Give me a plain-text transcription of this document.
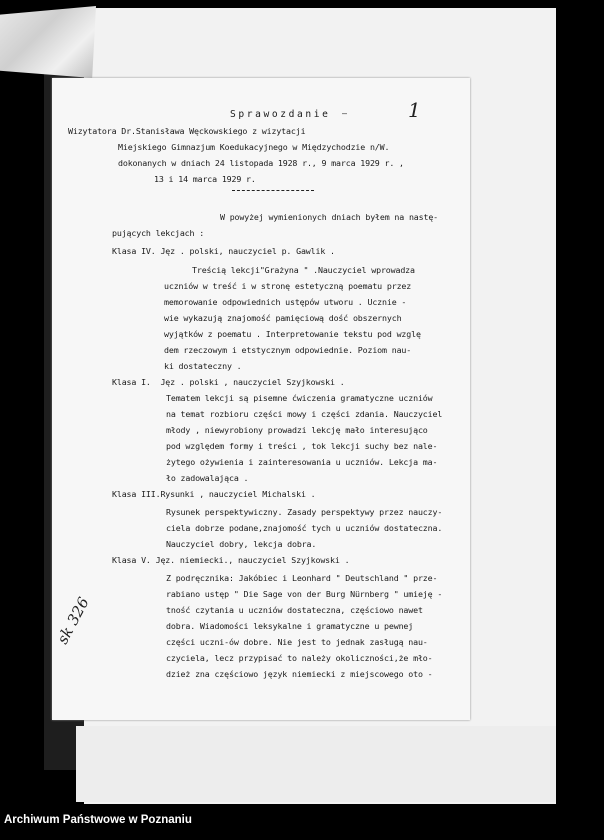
Sprawozdanie —	1
Wizytatora Dr.Stanisława Węckowskiego z wizytacji
Miejskiego Gimnazjum Koedukacyjnego w Międzychodzie n/W.
dokonanych w dniach 24 listopada 1928 r., 9 marca 1929 r. ,
13 i 14 marca 1929 r.
W powyżej wymienionych dniach byłem na nastę-
pujących lekcjach :
Klasa IV. Jęz . polski, nauczyciel p. Gawlik .
Treścią lekcji"Grażyna " .Nauczyciel wprowadza
uczniów w treść i w stronę estetyczną poematu przez
memorowanie odpowiednich ustępów utworu . Ucznie -
wie wykazują znajomość pamięciową dość obszernych
wyjątków z poematu . Interpretowanie tekstu pod wzglę
dem rzeczowym i etstycznym odpowiednie. Poziom nau-
ki dostateczny .
Klasa I.  Jęz . polski , nauczyciel Szyjkowski .
Tematem lekcji są pisemne ćwiczenia gramatyczne uczniów
na temat rozbioru części mowy i części zdania. Nauczyciel
młody , niewyrobiony prowadzi lekcję mało interesująco
pod względem formy i treści , tok lekcji suchy bez nale-
żytego ożywienia i zainteresowania u uczniów. Lekcja ma-
ło zadowalająca .
Klasa III.Rysunki , nauczyciel Michalski .
Rysunek perspektywiczny. Zasady perspektywy przez nauczy-
ciela dobrze podane,znajomość tych u uczniów dostateczna.
Nauczyciel dobry, lekcja dobra.
Klasa V. Jęz. niemiecki., nauczyciel Szyjkowski .
Z podręcznika: Jakóbiec i Leonhard " Deutschland " prze-
rabiano ustęp " Die Sage von der Burg Nürnberg " umieję -
tność czytania u uczniów dostateczna, częściowo nawet
dobra. Wiadomości leksykalne i gramatyczne u pewnej
części uczni-ów dobre. Nie jest to jednak zasługą nau-
czyciela, lecz przypisać to należy okoliczności,że mło-
dzież zna częściowo język niemiecki z miejscowego oto -
sk 326
Archiwum Państwowe w Poznaniu
